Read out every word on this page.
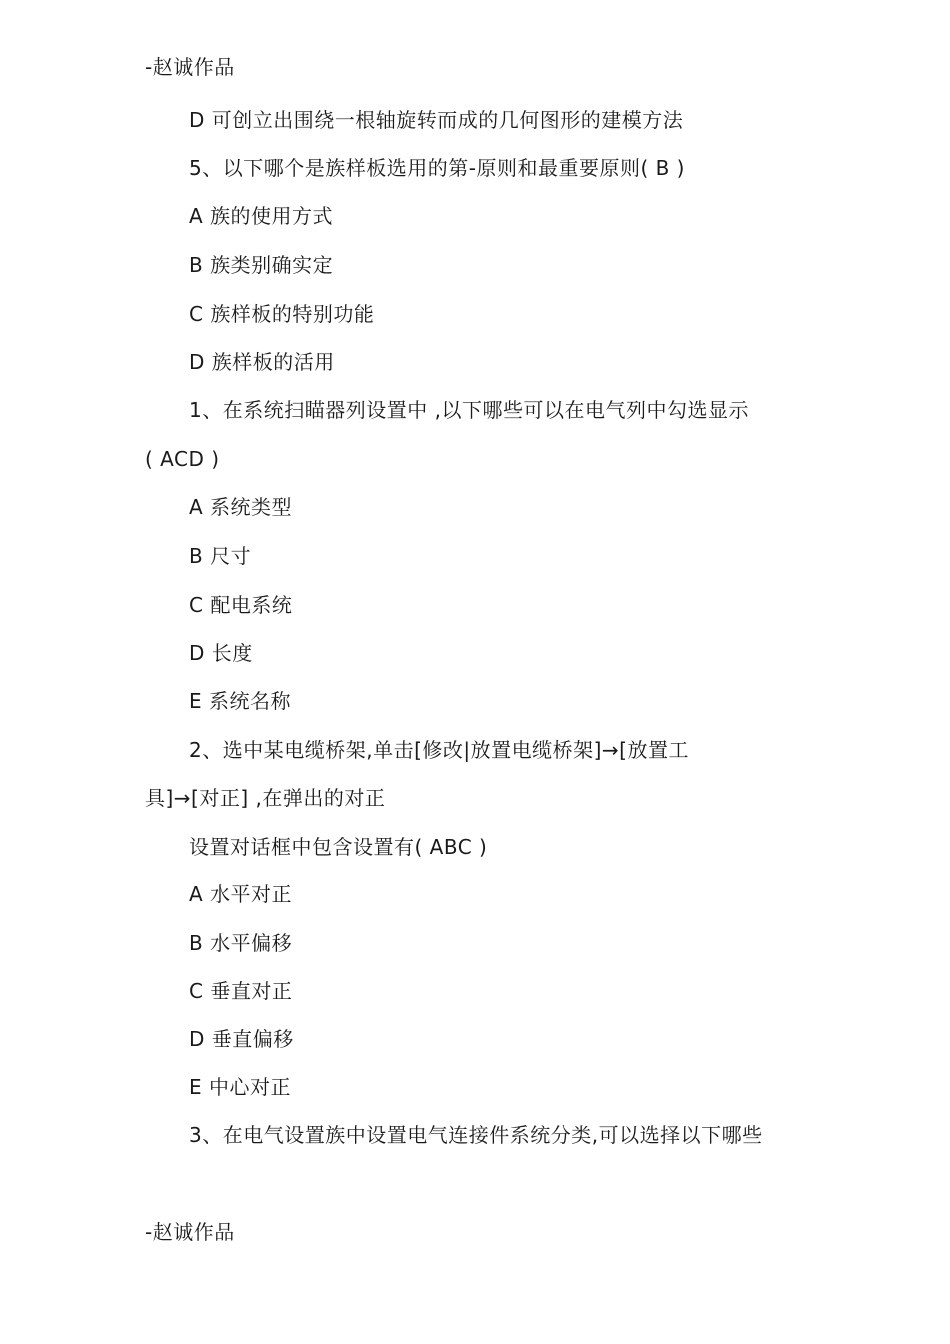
-赵诚作品
D 可创立出围绕一根轴旋转而成的几何图形的建模方法
5、以下哪个是族样板选用的第-原则和最重要原则( B )
A 族的使用方式
B 族类别确实定
C 族样板的特别功能
D 族样板的活用
1、在系统扫瞄器列设置中 ,以下哪些可以在电气列中勾选显示
( ACD )
A 系统类型
B 尺寸
C 配电系统
D 长度
E 系统名称
2、选中某电缆桥架,单击[修改|放置电缆桥架]→[放置工
具]→[对正] ,在弹出的对正
设置对话框中包含设置有( ABC )
A 水平对正
B 水平偏移
C 垂直对正
D 垂直偏移
E 中心对正
3、在电气设置族中设置电气连接件系统分类,可以选择以下哪些
-赵诚作品
